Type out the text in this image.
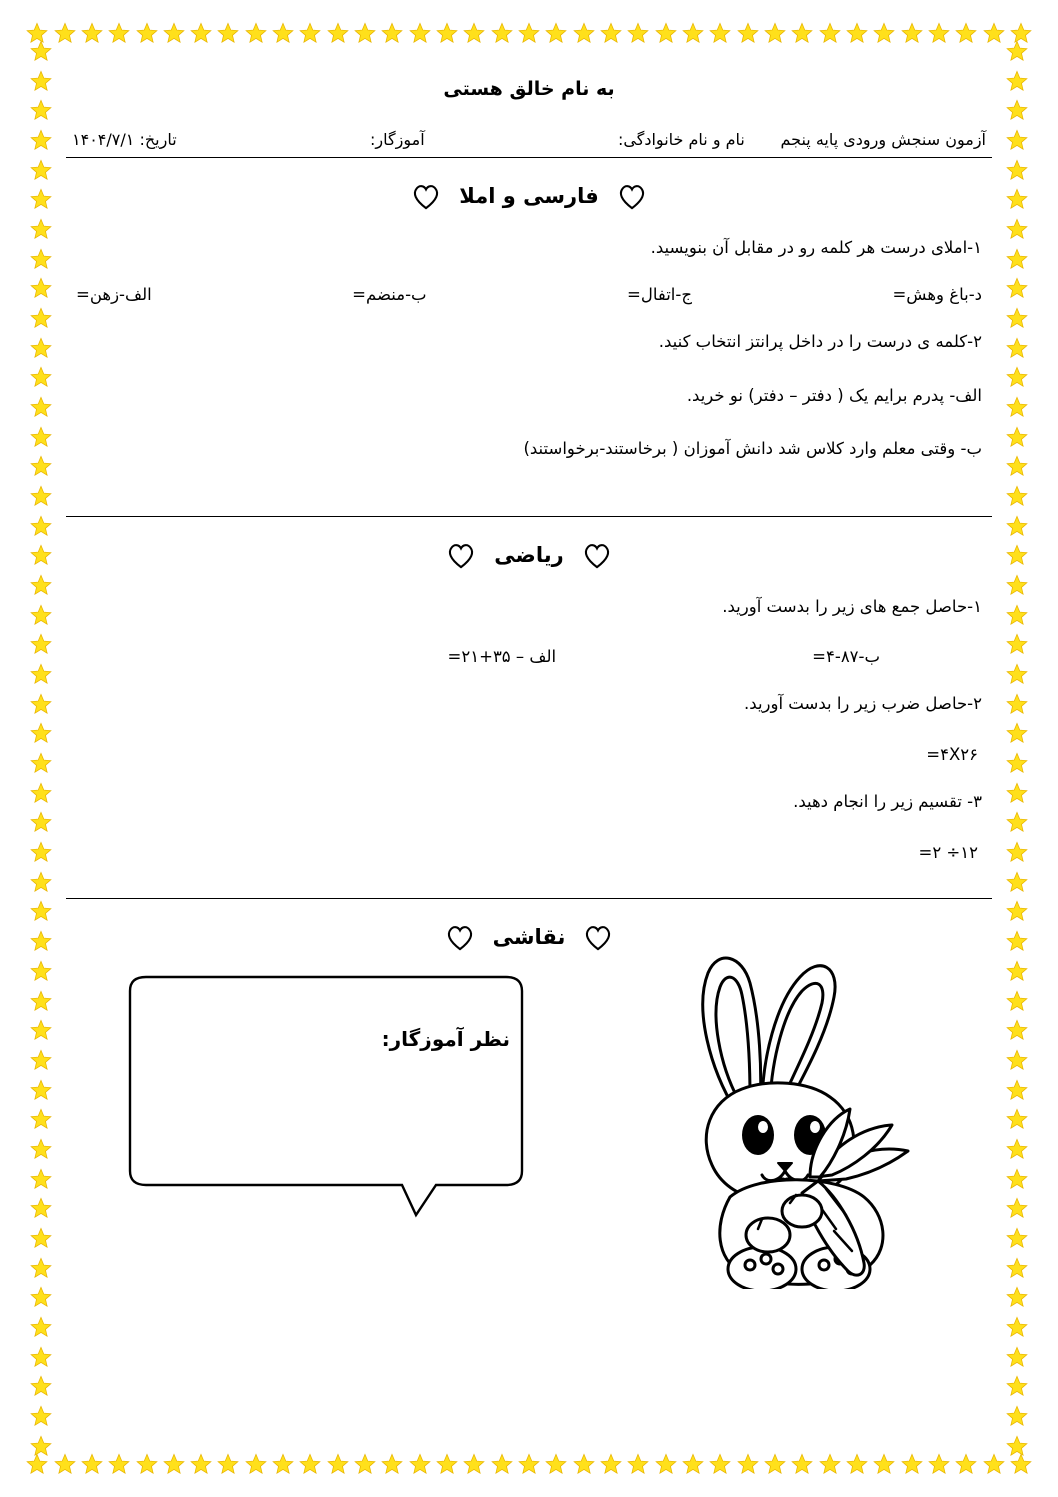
به نام خالق هستی
آزمون سنجش ورودی پایه پنجم       نام و نام خانوادگی:
آموزگار:
تاریخ: ۱۴۰۴/۷/۱
فارسی و املا
۱-املای درست هر کلمه رو در مقابل آن بنویسید.
د-باغ وهش=
ج-اتفال=
ب-منضم=
الف-زهن=
۲-کلمه ی درست را در داخل پرانتز انتخاب کنید.
الف- پدرم برایم یک ( دفتر – دفتر) نو خرید.
ب- وقتی معلم وارد کلاس شد دانش آموزان ( برخاستند-برخواستند)
ریاضی
۱-حاصل جمع های زیر را بدست آورید.
ب-۸۷-۴=
الف – ۳۵+۲۱=
۲-حاصل ضرب زیر را بدست آورید.
۴X۲۶=
۳- تقسیم زیر را انجام دهید.
۱۲÷ ۲=
نقاشی
نظر آموزگار:
